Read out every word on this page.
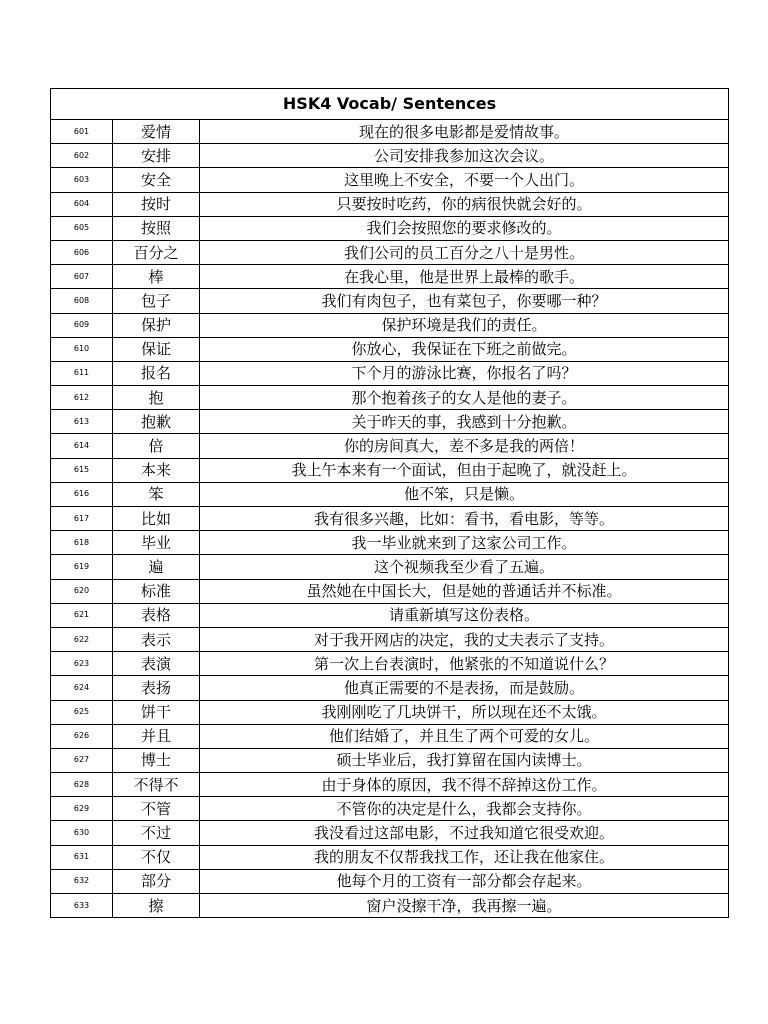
HSK4 Vocab/ Sentences		
601	爱情	现在的很多电影都是爱情故事。
602	安排	公司安排我参加这次会议。
603	安全	这里晚上不安全，不要一个人出门。
604	按时	只要按时吃药，你的病很快就会好的。
605	按照	我们会按照您的要求修改的。
606	百分之	我们公司的员工百分之八十是男性。
607	棒	在我心里，他是世界上最棒的歌手。
608	包子	我们有肉包子，也有菜包子，你要哪一种？
609	保护	保护环境是我们的责任。
610	保证	你放心，我保证在下班之前做完。
611	报名	下个月的游泳比赛，你报名了吗？
612	抱	那个抱着孩子的女人是他的妻子。
613	抱歉	关于昨天的事，我感到十分抱歉。
614	倍	你的房间真大，差不多是我的两倍！
615	本来	我上午本来有一个面试，但由于起晚了，就没赶上。
616	笨	他不笨，只是懒。
617	比如	我有很多兴趣，比如：看书，看电影，等等。
618	毕业	我一毕业就来到了这家公司工作。
619	遍	这个视频我至少看了五遍。
620	标准	虽然她在中国长大，但是她的普通话并不标准。
621	表格	请重新填写这份表格。
622	表示	对于我开网店的决定，我的丈夫表示了支持。
623	表演	第一次上台表演时，他紧张的不知道说什么？
624	表扬	他真正需要的不是表扬，而是鼓励。
625	饼干	我刚刚吃了几块饼干，所以现在还不太饿。
626	并且	他们结婚了，并且生了两个可爱的女儿。
627	博士	硕士毕业后，我打算留在国内读博士。
628	不得不	由于身体的原因，我不得不辞掉这份工作。
629	不管	不管你的决定是什么，我都会支持你。
630	不过	我没看过这部电影，不过我知道它很受欢迎。
631	不仅	我的朋友不仅帮我找工作，还让我在他家住。
632	部分	他每个月的工资有一部分都会存起来。
633	擦	窗户没擦干净，我再擦一遍。
